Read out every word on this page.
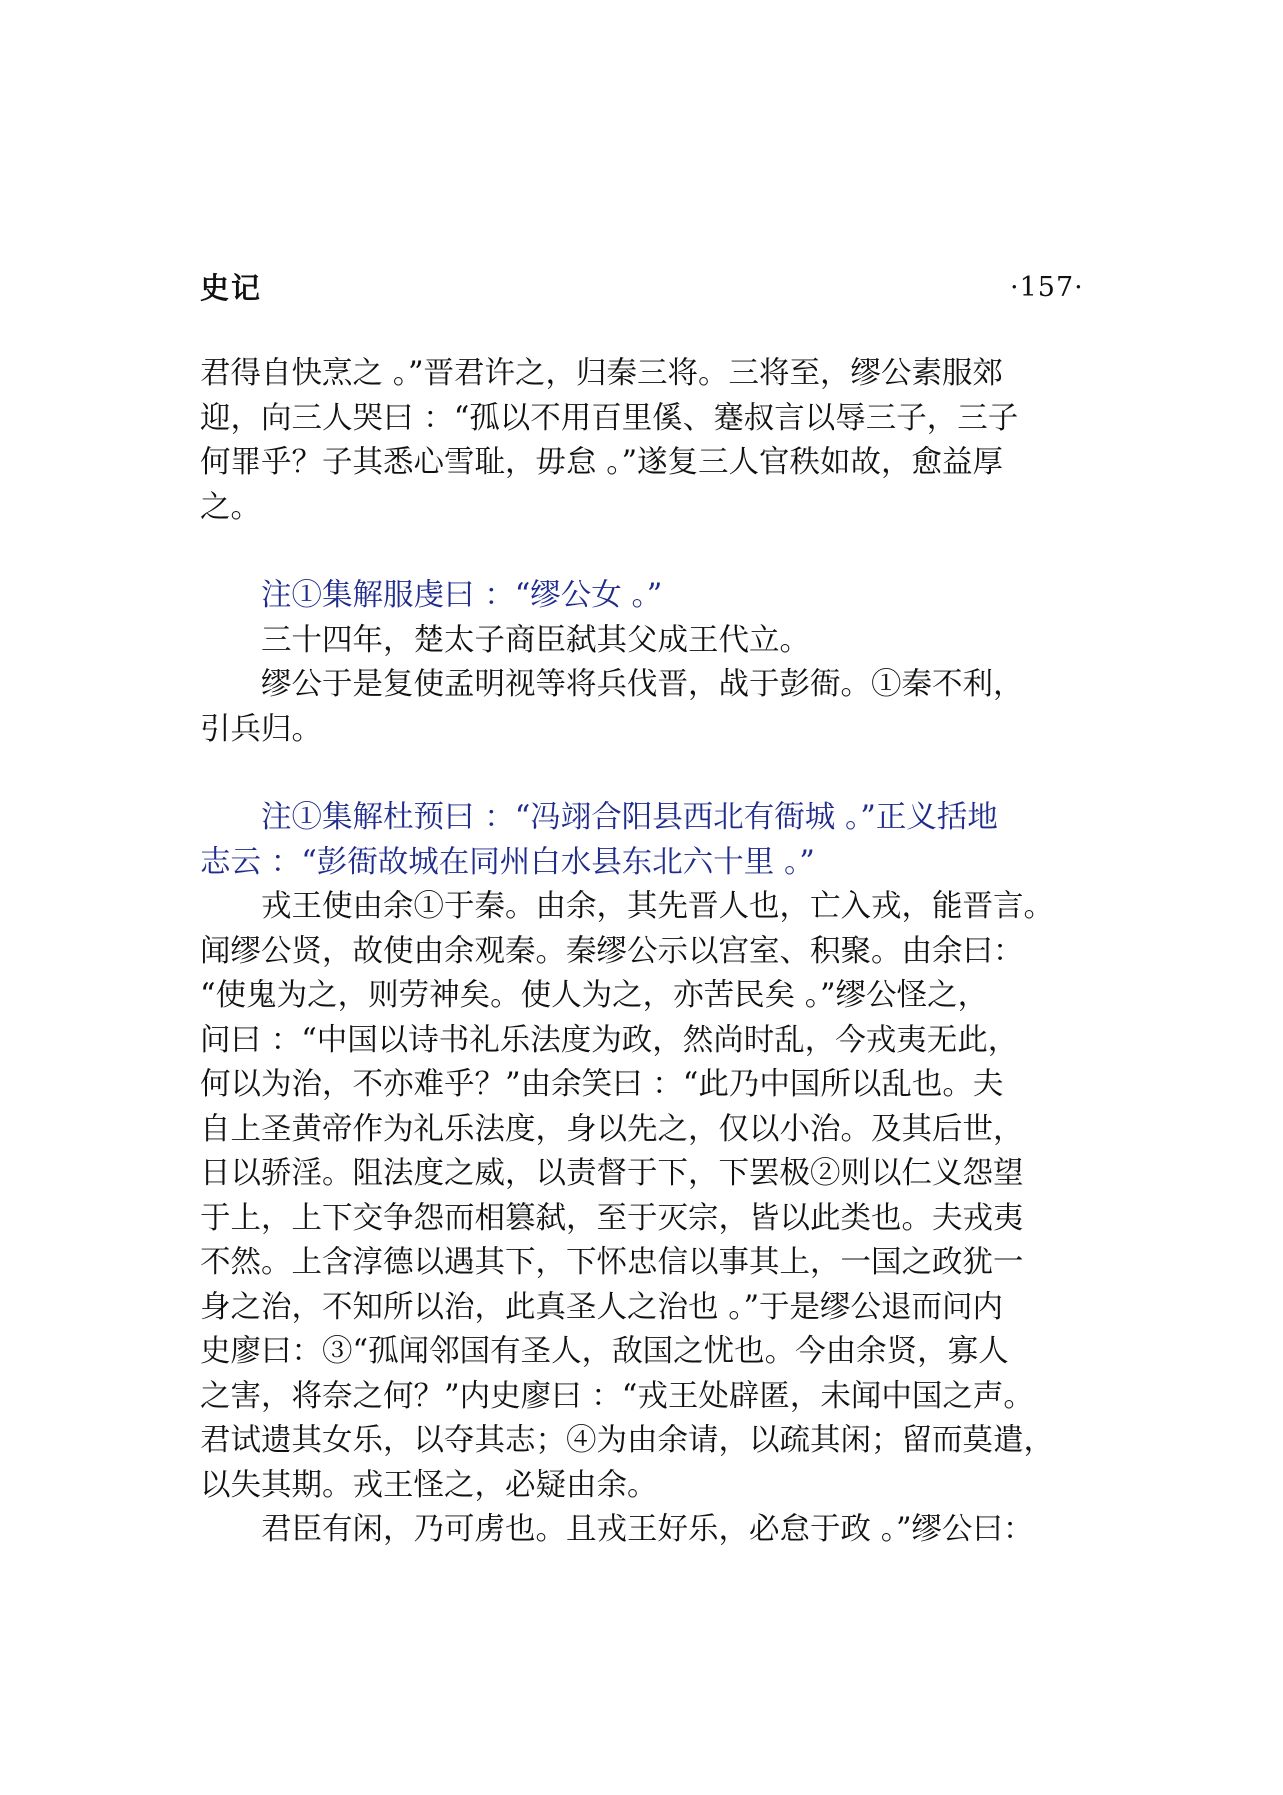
史记	·157·

君得自快烹之 。”晋君许之，归秦三将。三将至，缪公素服郊
迎，向三人哭曰 ：“孤以不用百里傒、蹇叔言以辱三子，三子
何罪乎？子其悉心雪耻，毋怠 。”遂复三人官秩如故，愈益厚
之。

注①集解服虔曰 ：“缪公女 。”

三十四年，楚太子商臣弑其父成王代立。

缪公于是复使孟明视等将兵伐晋，战于彭衙。①秦不利，
引兵归。

注①集解杜预曰 ：“冯翊合阳县西北有衙城 。”正义括地
志云 ：“彭衙故城在同州白水县东北六十里 。”

戎王使由余①于秦。由余，其先晋人也，亡入戎，能晋言。
闻缪公贤，故使由余观秦。秦缪公示以宫室、积聚。由余曰：
“使鬼为之，则劳神矣。使人为之，亦苦民矣 。”缪公怪之，
问曰 ：“中国以诗书礼乐法度为政，然尚时乱，今戎夷无此，
何以为治，不亦难乎？”由余笑曰 ：“此乃中国所以乱也。夫
自上圣黄帝作为礼乐法度，身以先之，仅以小治。及其后世，
日以骄淫。阻法度之威，以责督于下，下罢极②则以仁义怨望
于上，上下交争怨而相篡弑，至于灭宗，皆以此类也。夫戎夷
不然。上含淳德以遇其下，下怀忠信以事其上，一国之政犹一
身之治，不知所以治，此真圣人之治也 。”于是缪公退而问内
史廖曰：③“孤闻邻国有圣人，敌国之忧也。今由余贤，寡人
之害，将奈之何？”内史廖曰 ：“戎王处辟匿，未闻中国之声。
君试遗其女乐，以夺其志；④为由余请，以疏其闲；留而莫遣，
以失其期。戎王怪之，必疑由余。

君臣有闲，乃可虏也。且戎王好乐，必怠于政 。”缪公曰：
